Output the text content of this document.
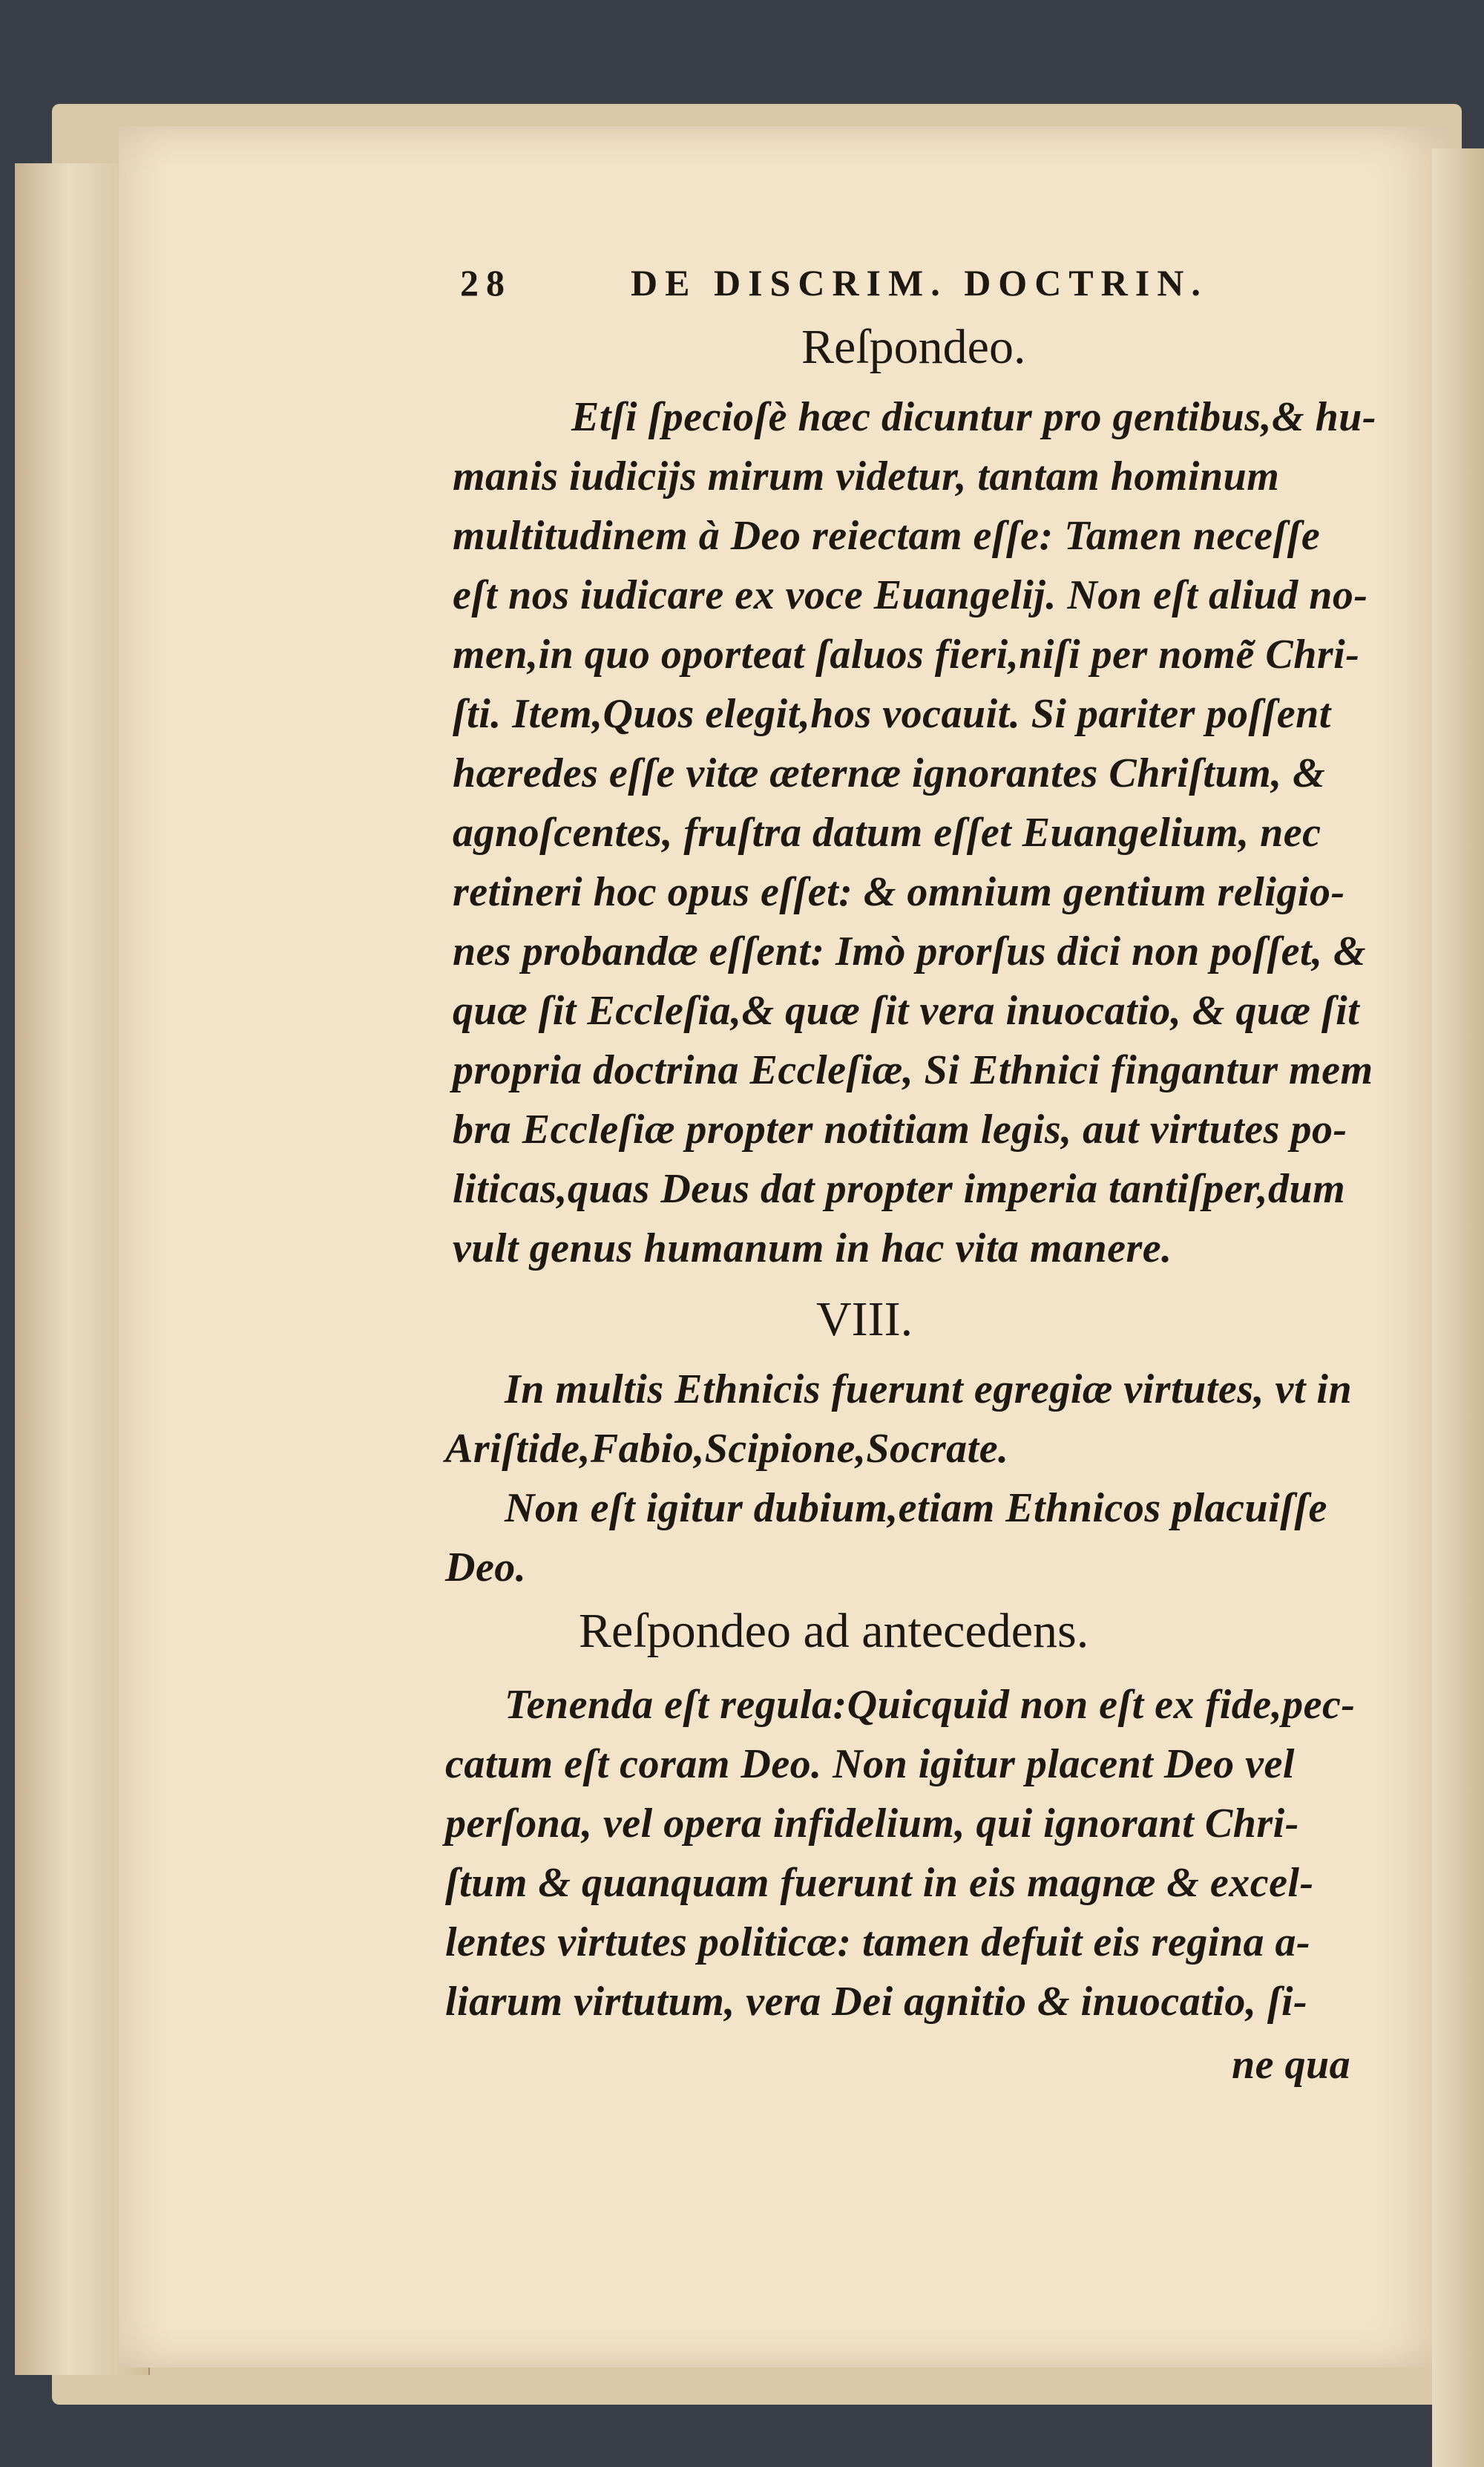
28	DE DISCRIM. DOCTRIN.
Reſpondeo.
Etſi ſpecioſè hæc dicuntur pro gentibus,& hu-
manis iudicijs mirum videtur, tantam hominum
multitudinem à Deo reiectam eſſe: Tamen neceſſe
eſt nos iudicare ex voce Euangelij. Non eſt aliud no-
men,in quo oporteat ſaluos fieri,niſi per nomẽ Chri-
ſti. Item,Quos elegit,hos vocauit. Si pariter poſſent
hæredes eſſe vitæ æternæ ignorantes Chriſtum, &
agnoſcentes, fruſtra datum eſſet Euangelium, nec
retineri hoc opus eſſet: & omnium gentium religio-
nes probandæ eſſent: Imò prorſus dici non poſſet, &
quæ ſit Eccleſia,& quæ ſit vera inuocatio, & quæ ſit
propria doctrina Eccleſiæ, Si Ethnici fingantur mem
bra Eccleſiæ propter notitiam legis, aut virtutes po-
liticas,quas Deus dat propter imperia tantiſper,dum
vult genus humanum in hac vita manere.
VIII.
In multis Ethnicis fuerunt egregiæ virtutes, vt in
Ariſtide,Fabio,Scipione,Socrate.
Non eſt igitur dubium,etiam Ethnicos placuiſſe
Deo.
Reſpondeo ad antecedens.
Tenenda eſt regula:Quicquid non eſt ex fide,pec-
catum eſt coram Deo. Non igitur placent Deo vel
perſona, vel opera infidelium, qui ignorant Chri-
ſtum & quanquam fuerunt in eis magnæ & excel-
lentes virtutes politicæ: tamen defuit eis regina a-
liarum virtutum, vera Dei agnitio & inuocatio, ſi-
ne qua
